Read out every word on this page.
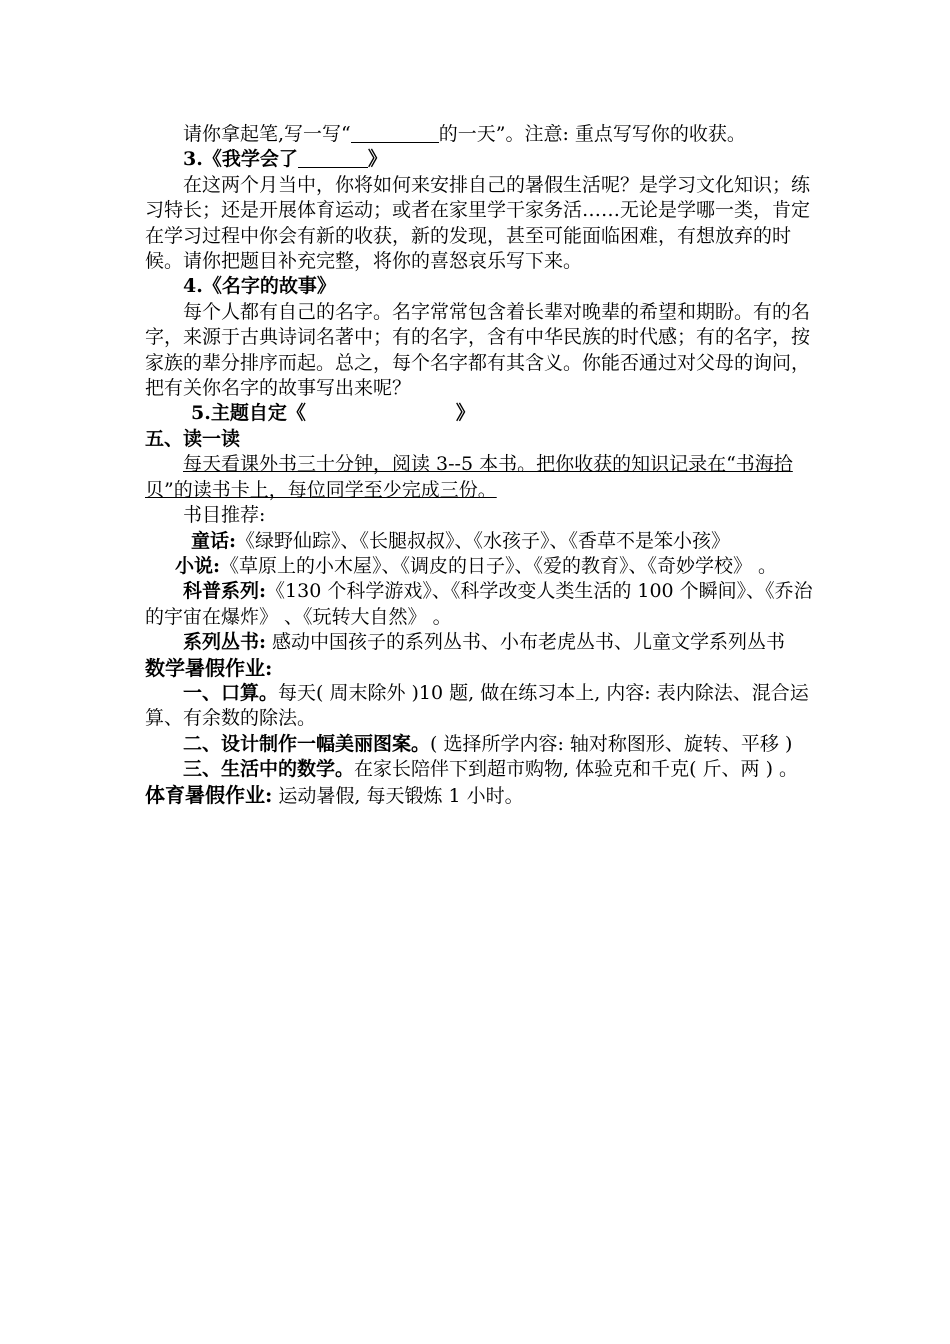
请你拿起笔,写一写“	的一天”。注意: 重点写写你的收获。

3.《我学会了	》

在这两个月当中，你将如何来安排自己的暑假生活呢？是学习文化知识；练习特长；还是开展体育运动；或者在家里学干家务活……无论是学哪一类，肯定在学习过程中你会有新的收获，新的发现，甚至可能面临困难，有想放弃的时候。请你把题目补充完整，将你的喜怒哀乐写下来。

4.《名字的故事》

每个人都有自己的名字。名字常常包含着长辈对晚辈的希望和期盼。有的名字，来源于古典诗词名著中；有的名字，含有中华民族的时代感；有的名字，按家族的辈分排序而起。总之，每个名字都有其含义。你能否通过对父母的询问，把有关你名字的故事写出来呢？

5.主题自定《	》

五、读一读

每天看课外书三十分钟，阅读 3--5 本书。把你收获的知识记录在“书海拾贝”的读书卡上，每位同学至少完成三份。

书目推荐:

童话:《绿野仙踪》、《长腿叔叔》、《水孩子》、《香草不是笨小孩》

小说:《草原上的小木屋》、《调皮的日子》、《爱的教育》、《奇妙学校》 。

科普系列:《130 个科学游戏》、《科学改变人类生活的 100 个瞬间》、《乔治的宇宙在爆炸》 、《玩转大自然》 。

系列丛书: 感动中国孩子的系列丛书、小布老虎丛书、儿童文学系列丛书

数学暑假作业:

一、口算。每天( 周末除外 )10 题, 做在练习本上, 内容: 表内除法、混合运算、有余数的除法。

二、设计制作一幅美丽图案。( 选择所学内容: 轴对称图形、旋转、平移 )

三、生活中的数学。在家长陪伴下到超市购物, 体验克和千克( 斤、两 ) 。

体育暑假作业: 运动暑假, 每天锻炼 1 小时。
